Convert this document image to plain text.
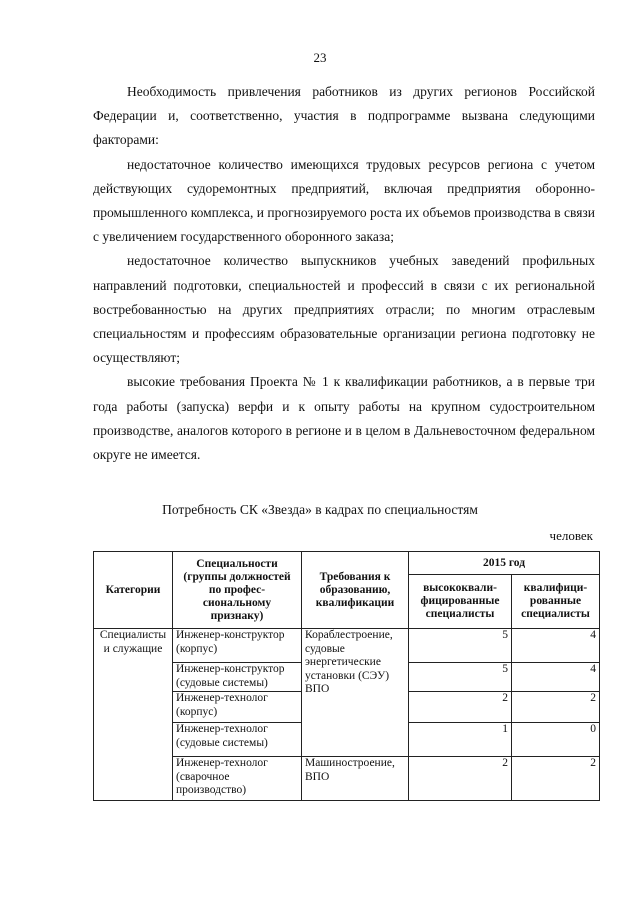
23

Необходимость привлечения работников из других регионов Российской Федерации и, соответственно, участия в подпрограмме вызвана следующими факторами:

недостаточное количество имеющихся трудовых ресурсов региона с учетом действующих судоремонтных предприятий, включая предприятия оборонно-промышленного комплекса, и прогнозируемого роста их объемов производства в связи с увеличением государственного оборонного заказа;

недостаточное количество выпускников учебных заведений профильных направлений подготовки, специальностей и профессий в связи с их региональной востребованностью на других предприятиях отрасли; по многим отраслевым специальностям и профессиям образовательные организации региона подготовку не осуществляют;

высокие требования Проекта № 1 к квалификации работников, а в первые три года работы (запуска) верфи и к опыту работы на крупном судостроительном производстве, аналогов которого в регионе и в целом в Дальневосточном федеральном округе не имеется.

Потребность СК «Звезда» в кадрах по специальностям
человек
Категории	Специальности (группы должностей по профес-сиональному признаку)	Требования к образованию, квалификации	2015 год	
			высококвали-фицированные специалисты	квалифици-рованные специалисты
Специалисты и служащие	Инженер-конструктор (корпус)	Кораблестроение, судовые энергетические установки (СЭУ) ВПО	5	4
	Инженер-конструктор (судовые системы)		5	4
	Инженер-технолог (корпус)		2	2
	Инженер-технолог (судовые системы)		1	0
	Инженер-технолог (сварочное производство)	Машиностроение, ВПО	2	2
